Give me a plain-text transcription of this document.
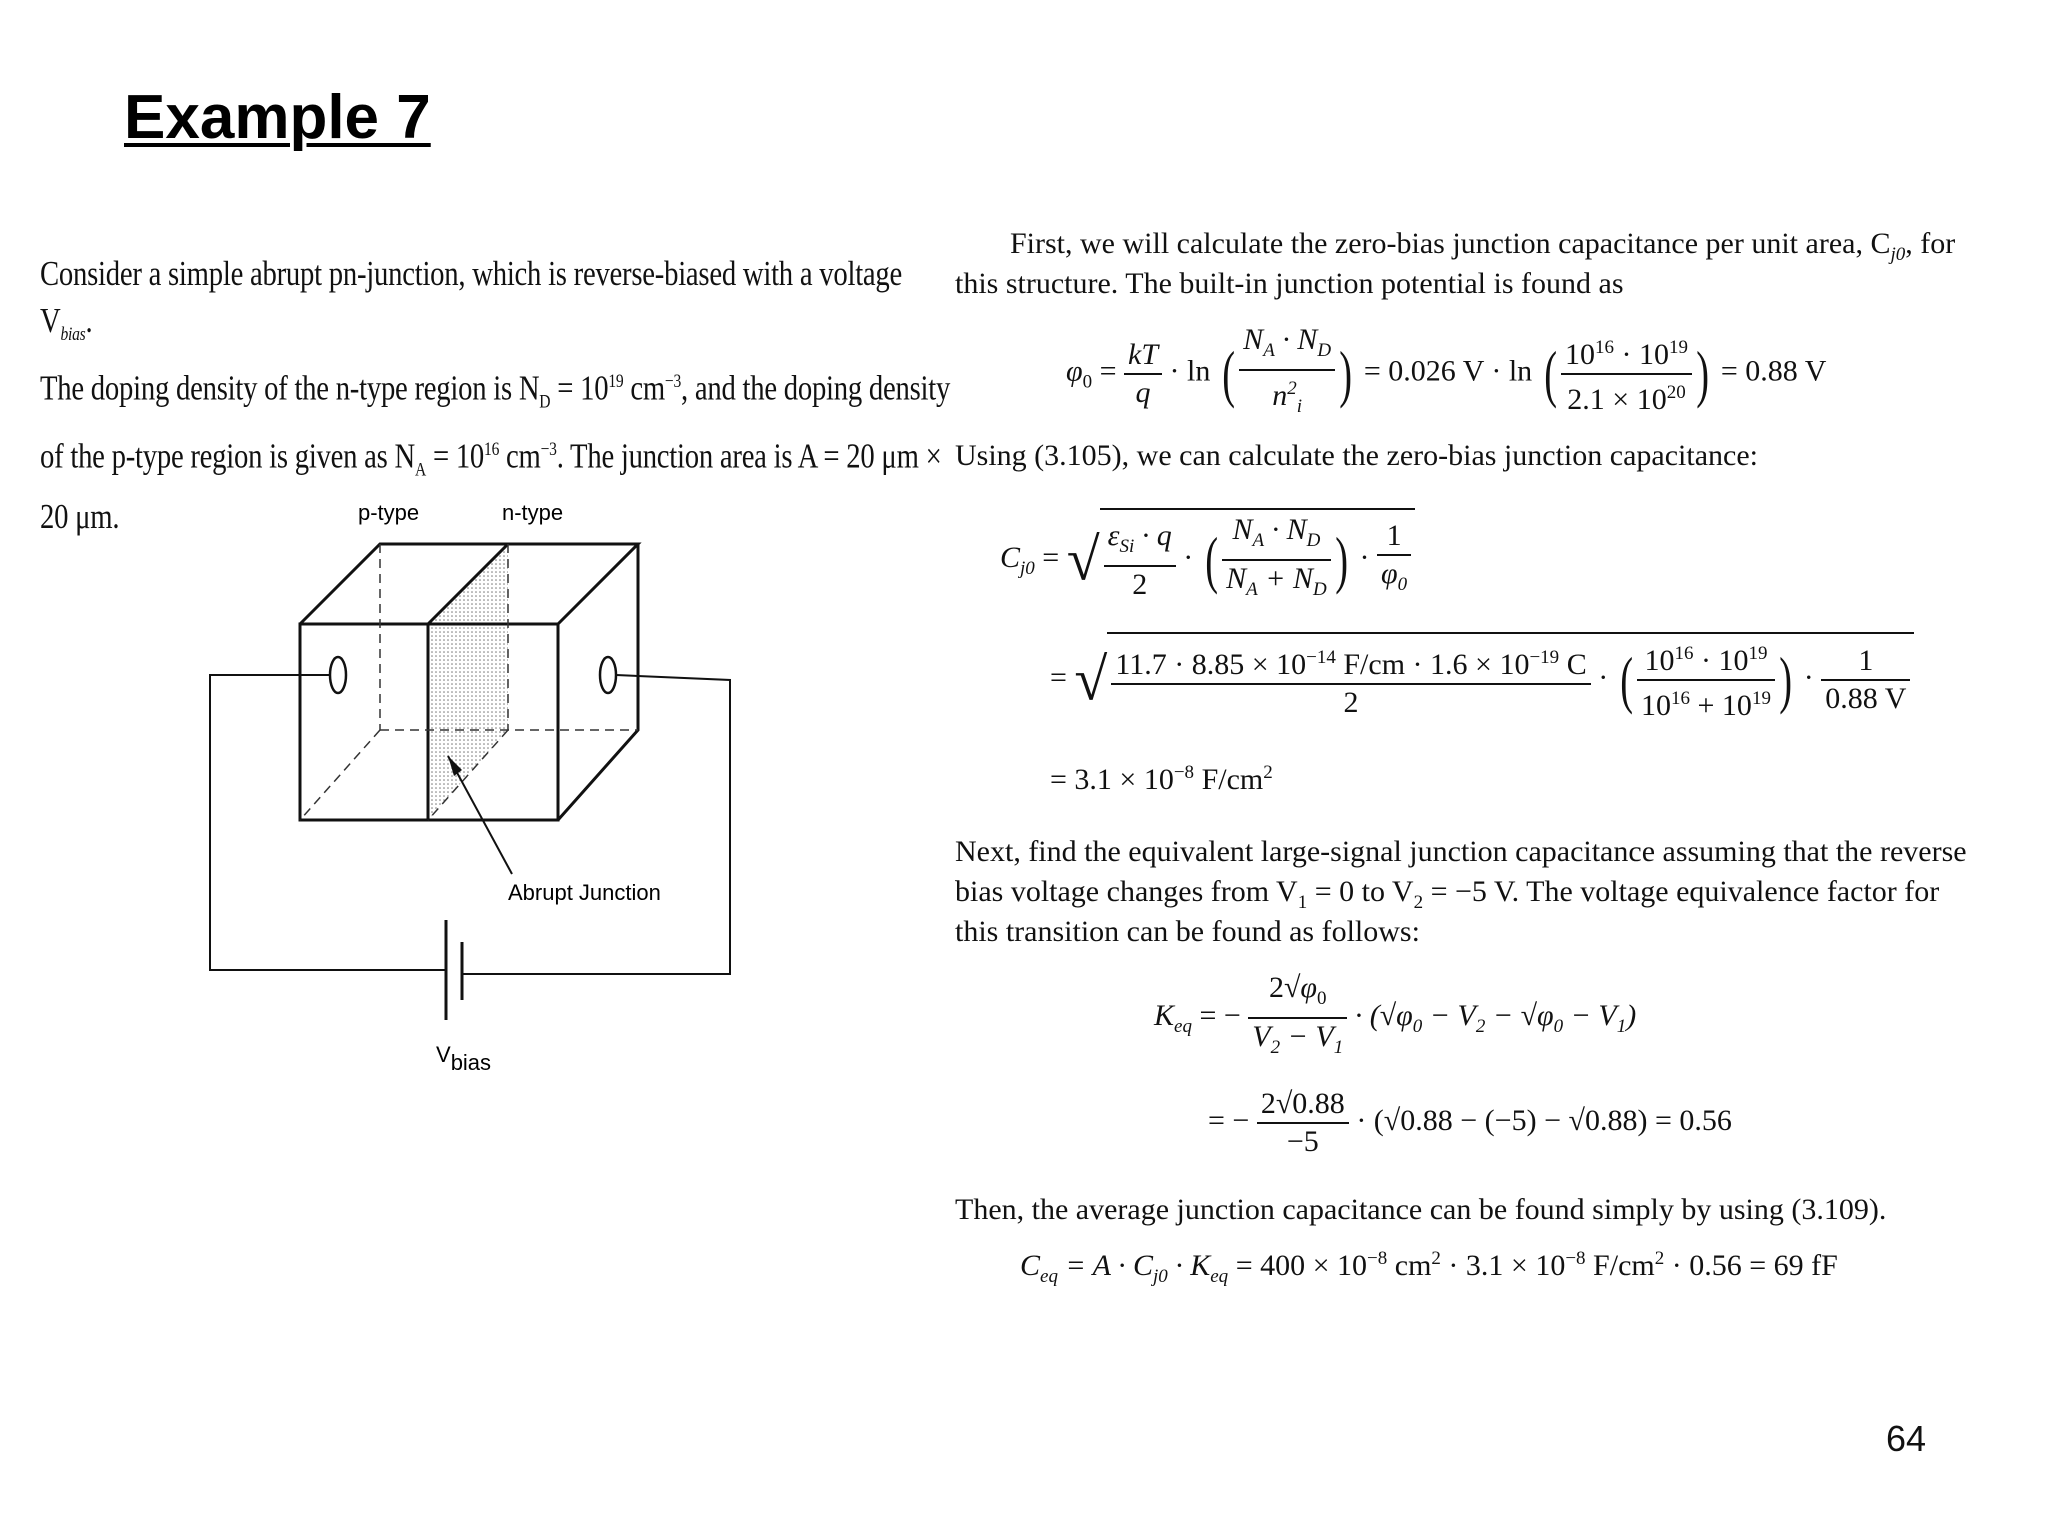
Example 7

Consider a simple abrupt pn-junction, which is reverse-biased with a voltage $V_{bias}$.

The doping density of the n-type region is $N_D = 10^{19}$ $cm^{-3}$, and the doping density

of the p-type region is given as $N_A = 10^{16}$ $cm^{-3}$. The junction area is A = 20 μm ×

20 μm.	p-type	n-type
Abrupt Junction
Vbias
First, we will calculate the zero-bias junction capacitance per unit area, $C_{j0}$, for
this structure. The built-in junction potential is found as
$\varphi_0 = \frac{kT}{q} \cdot \ln$ ( $\frac{N_A \cdot N_D}{n^2_i}$ ) = 0.026 V · ln ( $\frac{10^{16} \cdot 10^{19}}{2.1 \times 10^{20}}$ ) = 0.88 V
Using (3.105), we can calculate the zero-bias junction capacitance:
$C_{j0}$ = √ $\frac{\varepsilon_{Si} \cdot q}{2}$ · ( $\frac{N_A \cdot N_D}{N_A + N_D}$ ) · $\frac{1}{\varphi_0}$
= √ $\frac{11.7 \cdot 8.85 \times 10^{-14} F/cm \cdot 1.6 \times 10^{-19} C}{2}$ · ( $\frac{10^{16} \cdot 10^{19}}{10^{16} + 10^{19}}$ ) · $\frac{1}{0.88 V}$
= $3.1 \times 10^{-8}$ $F/cm^2$
Next, find the equivalent large-signal junction capacitance assuming that the reverse
bias voltage changes from $V_1 = 0$ to $V_2 = -5$ V. The voltage equivalence factor for
this transition can be found as follows:
$K_{eq}$ = − $\frac{2√\varphi_0}{V_2 - V_1} \cdot (√\varphi_0 - V_2 - √\varphi_0 - V_1)$
= − $\frac{2√0.88}{-5} \cdot (√0.88 - (-5) - √0.88) = 0.56$
Then, the average junction capacitance can be found simply by using (3.109).
$C_{eq} = A \cdot C_{j0} \cdot K_{eq} = 400 \times 10^{-8}$ $cm^2 \cdot 3.1 \times 10^{-8}$ $F/cm^2 \cdot 0.56 = 69$ fF
64
